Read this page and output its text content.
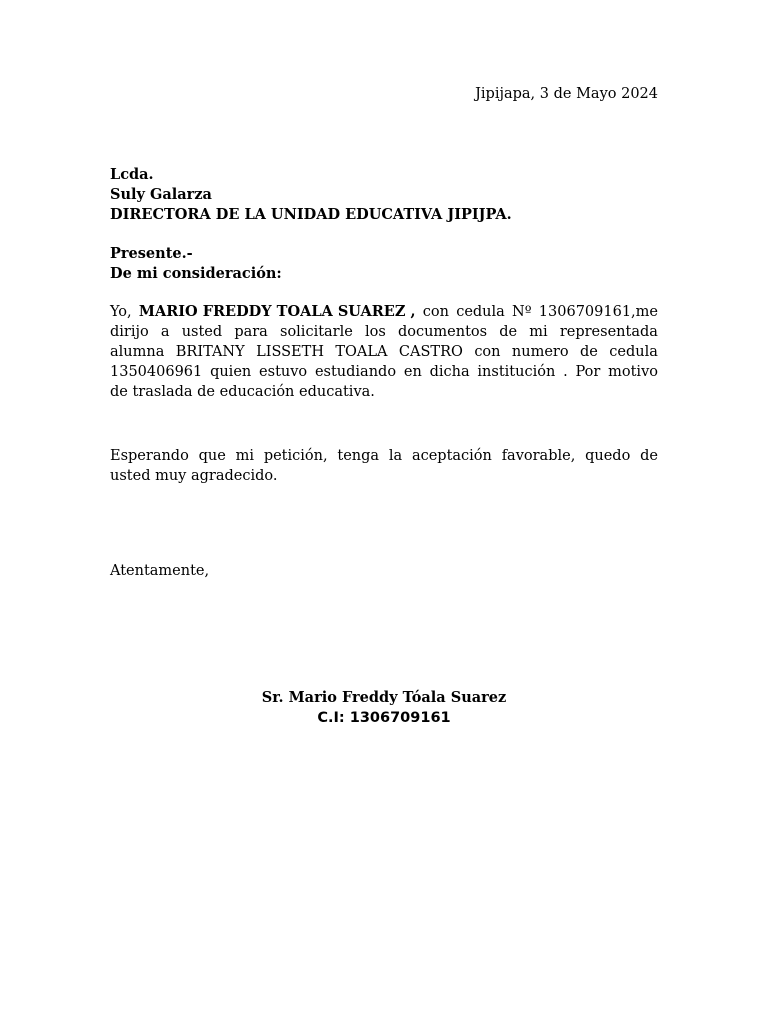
Jipijapa, 3 de Mayo 2024
Lcda.
Suly Galarza
DIRECTORA DE LA UNIDAD EDUCATIVA JIPIJPA.
Presente.-
De mi consideración:
Yo, MARIO FREDDY TOALA SUAREZ , con cedula Nº 1306709161,me
dirijo a usted para solicitarle los documentos de mi representada
alumna BRITANY LISSETH TOALA CASTRO con numero de cedula
1350406961 quien estuvo estudiando en dicha institución . Por motivo
de traslada de educación educativa.
Esperando que mi petición, tenga la aceptación favorable, quedo de
usted muy agradecido.
Atentamente,
Sr. Mario Freddy Tóala Suarez
C.I: 1306709161
